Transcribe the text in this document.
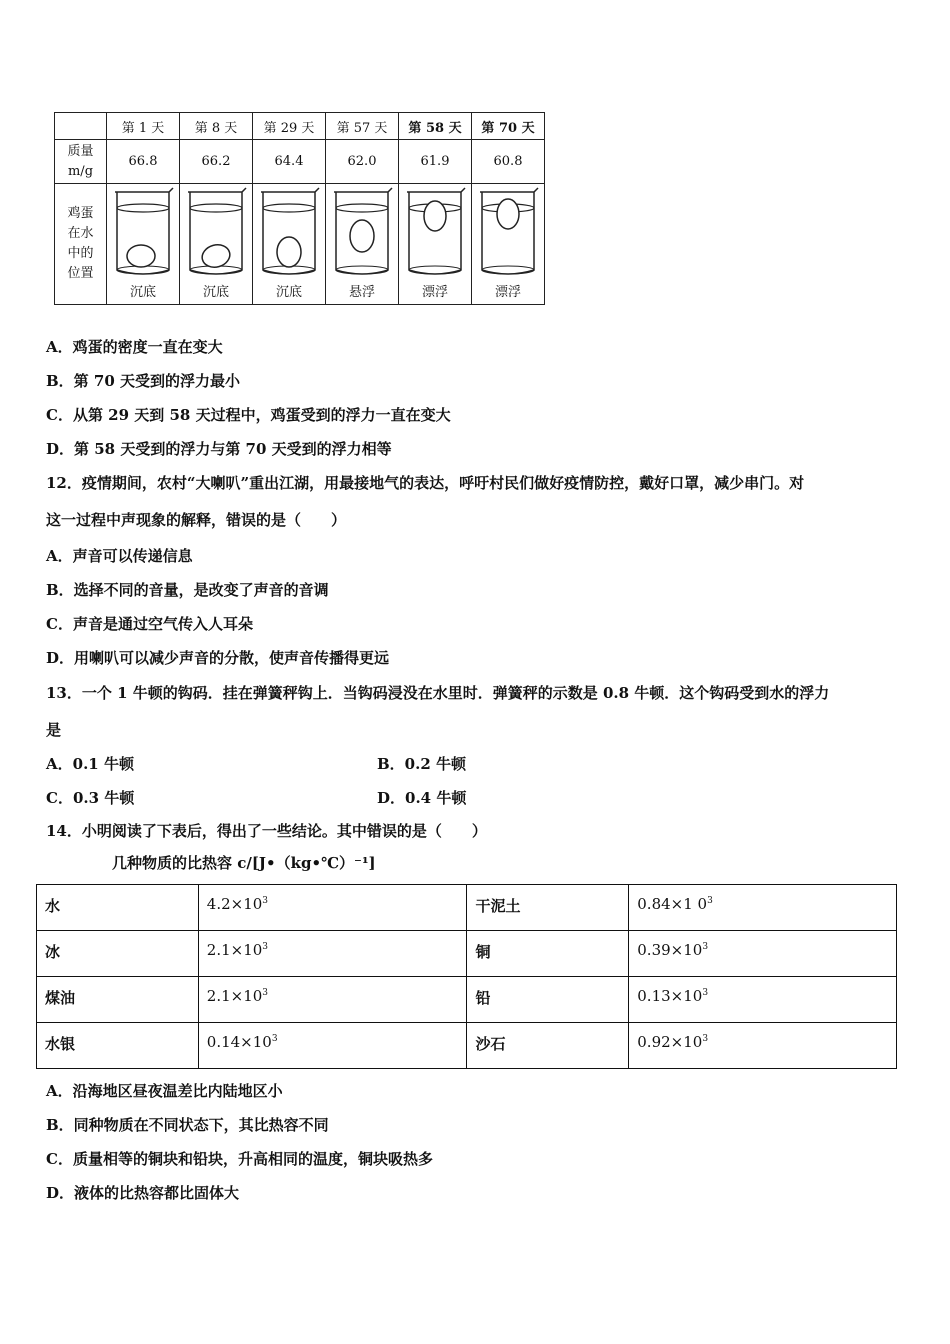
	第 1 天	第 8 天	第 29 天	第 57 天	第 58 天	第 70 天

质量
m/g	66.8	66.2	64.4	62.0	61.9	60.8

鸡蛋
在水
中的
位置	沉底	沉底	沉底	悬浮	漂浮	漂浮
A．鸡蛋的密度一直在变大
B．第 70 天受到的浮力最小
C．从第 29 天到 58 天过程中，鸡蛋受到的浮力一直在变大
D．第 58 天受到的浮力与第 70 天受到的浮力相等
12．疫情期间，农村“大喇叭”重出江湖，用最接地气的表达，呼吁村民们做好疫情防控，戴好口罩，减少串门。对
这一过程中声现象的解释，错误的是（　　）
A．声音可以传递信息
B．选择不同的音量，是改变了声音的音调
C．声音是通过空气传入人耳朵
D．用喇叭可以减少声音的分散，使声音传播得更远
13．一个 1 牛顿的钩码．挂在弹簧秤钩上．当钩码浸没在水里时．弹簧秤的示数是 0.8 牛顿．这个钩码受到水的浮力
是
A．0.1 牛顿	B．0.2 牛顿
C．0.3 牛顿	D．0.4 牛顿
14．小明阅读了下表后，得出了一些结论。其中错误的是（　　）
几种物质的比热容 c/[J•（kg•℃）⁻¹]
水	$4.2\times 10^3$	干泥土	0.84×1 $0^3$
冰	$2.1\times 10^3$	铜	$0.39\times 10^3$
煤油	$2.1\times 10^3$	铅	$0.13\times 10^3$
水银	$0.14\times 10^3$	沙石	$0.92\times 10^3$
A．沿海地区昼夜温差比内陆地区小
B．同种物质在不同状态下，其比热容不同
C．质量相等的铜块和铅块，升高相同的温度，铜块吸热多
D．液体的比热容都比固体大
